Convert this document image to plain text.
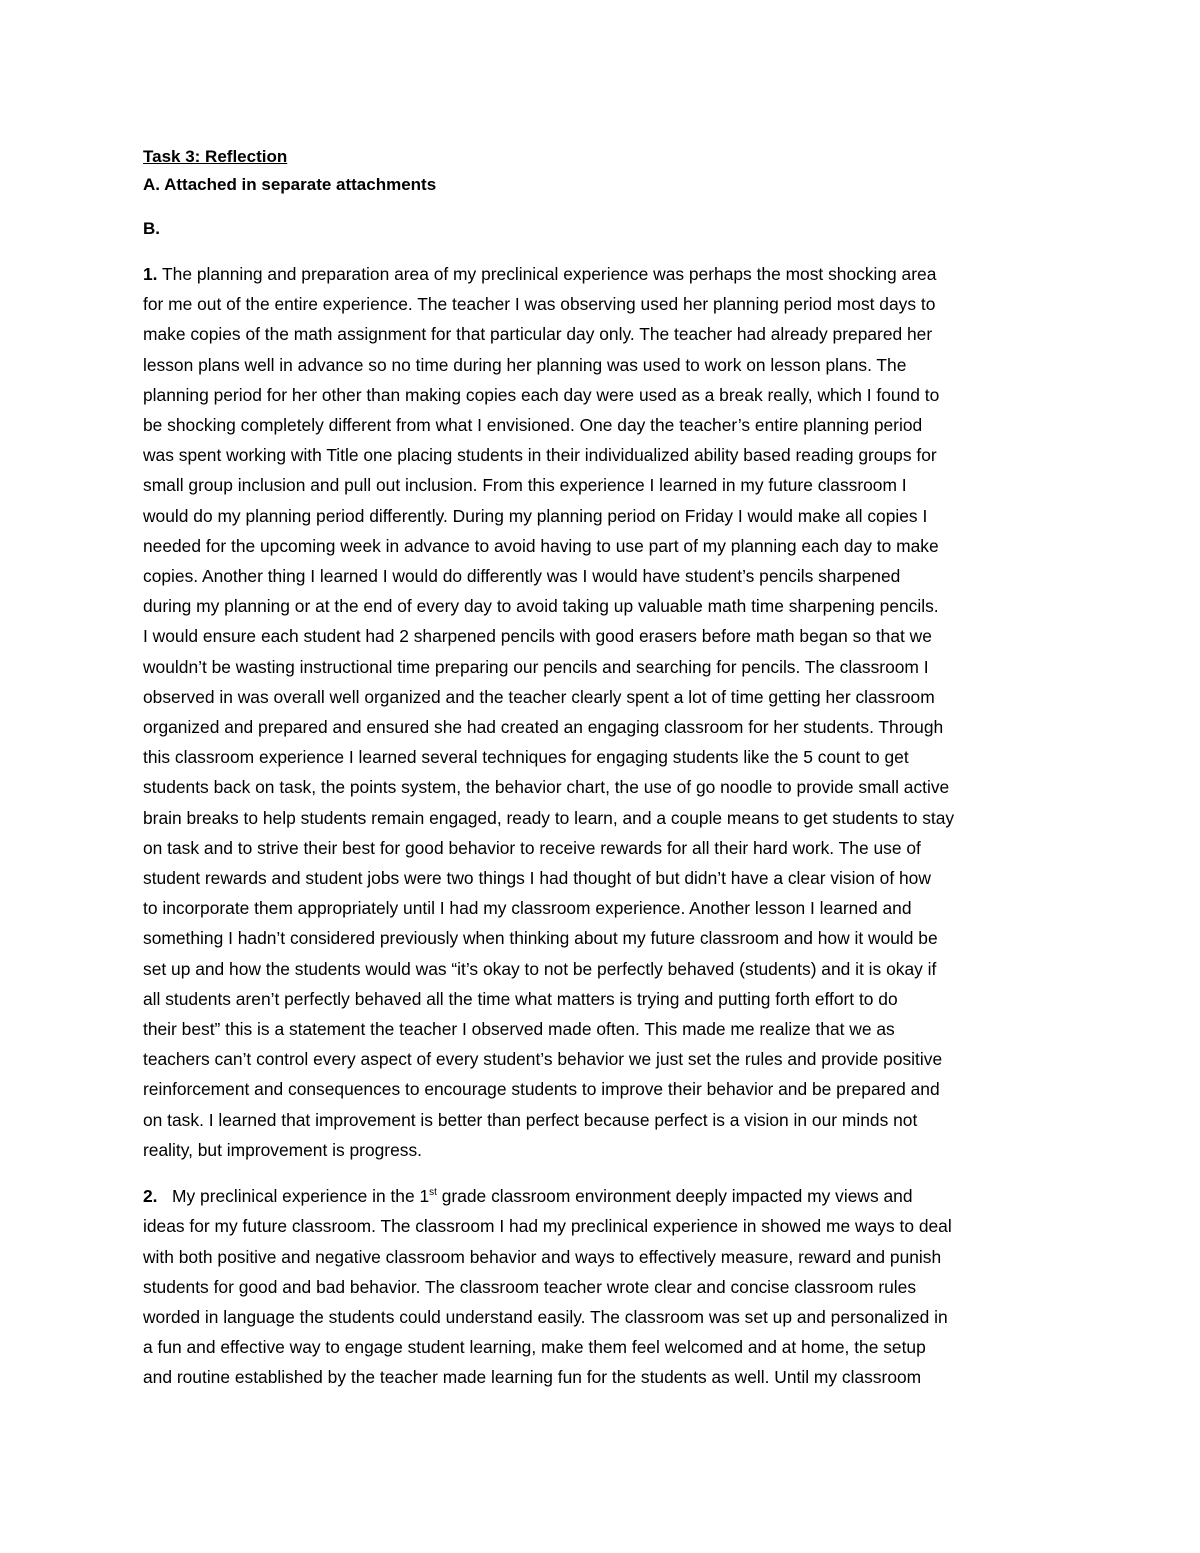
Task 3: Reflection
A. Attached in separate attachments
B.
1. The planning and preparation area of my preclinical experience was perhaps the most shocking area
for me out of the entire experience. The teacher I was observing used her planning period most days to
make copies of the math assignment for that particular day only. The teacher had already prepared her
lesson plans well in advance so no time during her planning was used to work on lesson plans. The
planning period for her other than making copies each day were used as a break really, which I found to
be shocking completely different from what I envisioned. One day the teacher’s entire planning period
was spent working with Title one placing students in their individualized ability based reading groups for
small group inclusion and pull out inclusion. From this experience I learned in my future classroom I
would do my planning period differently. During my planning period on Friday I would make all copies I
needed for the upcoming week in advance to avoid having to use part of my planning each day to make
copies. Another thing I learned I would do differently was I would have student’s pencils sharpened
during my planning or at the end of every day to avoid taking up valuable math time sharpening pencils.
I would ensure each student had 2 sharpened pencils with good erasers before math began so that we
wouldn’t be wasting instructional time preparing our pencils and searching for pencils. The classroom I
observed in was overall well organized and the teacher clearly spent a lot of time getting her classroom
organized and prepared and ensured she had created an engaging classroom for her students. Through
this classroom experience I learned several techniques for engaging students like the 5 count to get
students back on task, the points system, the behavior chart, the use of go noodle to provide small active
brain breaks to help students remain engaged, ready to learn, and a couple means to get students to stay
on task and to strive their best for good behavior to receive rewards for all their hard work. The use of
student rewards and student jobs were two things I had thought of but didn’t have a clear vision of how
to incorporate them appropriately until I had my classroom experience. Another lesson I learned and
something I hadn’t considered previously when thinking about my future classroom and how it would be
set up and how the students would was “it’s okay to not be perfectly behaved (students) and it is okay if
all students aren’t perfectly behaved all the time what matters is trying and putting forth effort to do
their best” this is a statement the teacher I observed made often. This made me realize that we as
teachers can’t control every aspect of every student’s behavior we just set the rules and provide positive
reinforcement and consequences to encourage students to improve their behavior and be prepared and
on task. I learned that improvement is better than perfect because perfect is a vision in our minds not
reality, but improvement is progress.
2.   My preclinical experience in the 1st grade classroom environment deeply impacted my views and
ideas for my future classroom. The classroom I had my preclinical experience in showed me ways to deal
with both positive and negative classroom behavior and ways to effectively measure, reward and punish
students for good and bad behavior. The classroom teacher wrote clear and concise classroom rules
worded in language the students could understand easily. The classroom was set up and personalized in
a fun and effective way to engage student learning, make them feel welcomed and at home, the setup
and routine established by the teacher made learning fun for the students as well. Until my classroom
